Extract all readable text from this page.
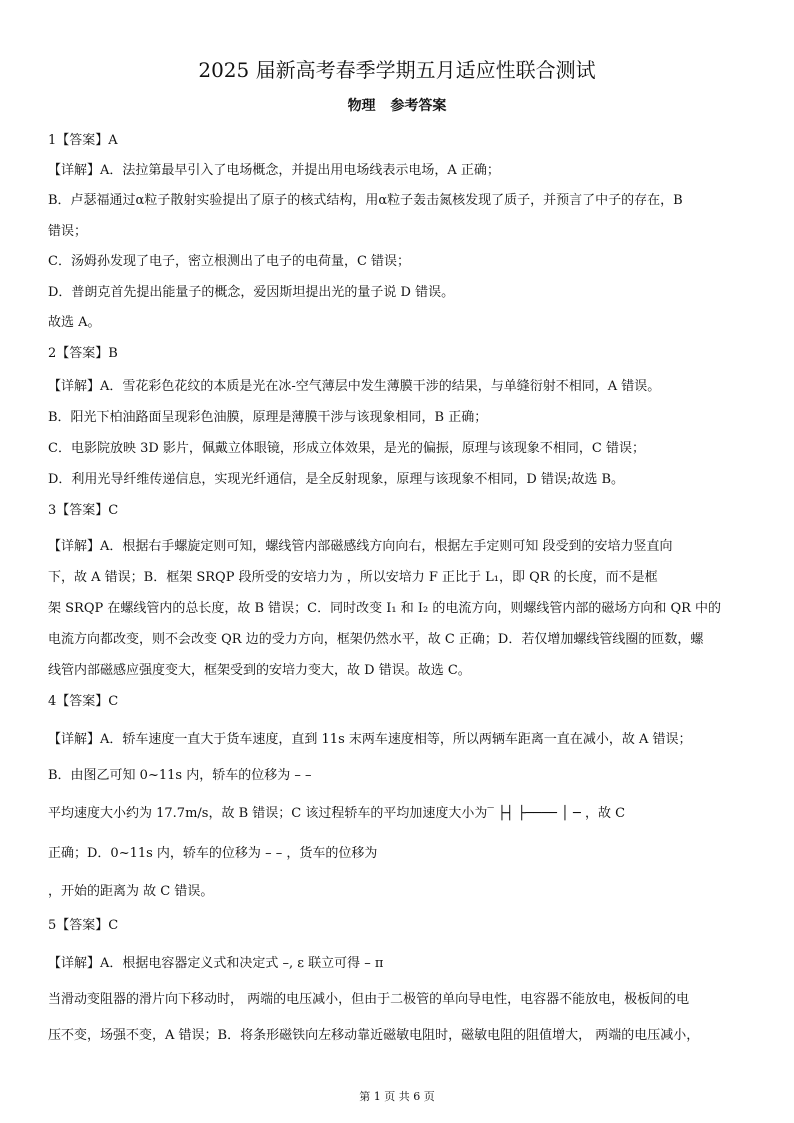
2025 届新高考春季学期五月适应性联合测试
物理 参考答案

1【答案】A

【详解】A．法拉第最早引入了电场概念，并提出用电场线表示电场，A 正确；

B．卢瑟福通过α粒子散射实验提出了原子的核式结构，用α粒子轰击氮核发现了质子，并预言了中子的存在，B

错误；

C．汤姆孙发现了电子，密立根测出了电子的电荷量，C 错误；

D．普朗克首先提出能量子的概念，爱因斯坦提出光的量子说 D 错误。

故选 A。

2【答案】B

【详解】A．雪花彩色花纹的本质是光在冰-空气薄层中发生薄膜干涉的结果，与单缝衍射不相同，A 错误。

B．阳光下柏油路面呈现彩色油膜，原理是薄膜干涉与该现象相同，B 正确；

C．电影院放映 3D 影片，佩戴立体眼镜，形成立体效果，是光的偏振，原理与该现象不相同，C 错误；

D．利用光导纤维传递信息，实现光纤通信，是全反射现象，原理与该现象不相同，D 错误;故选 B。

3【答案】C

【详解】A．根据右手螺旋定则可知，螺线管内部磁感线方向向右，根据左手定则可知 段受到的安培力竖直向

下，故 A 错误；B．框架 SRQP 段所受的安培力为 ，所以安培力 F 正比于 L₁，即 QR 的长度，而不是框

架 SRQP 在螺线管内的总长度，故 B 错误；C．同时改变 I₁ 和 I₂ 的电流方向，则螺线管内部的磁场方向和 QR 中的

电流方向都改变，则不会改变 QR 边的受力方向，框架仍然水平，故 C 正确；D．若仅增加螺线管线圈的匝数，螺

线管内部磁感应强度变大，框架受到的安培力变大，故 D 错误。故选 C。

4【答案】C

【详解】A．轿车速度一直大于货车速度，直到 11s 末两车速度相等，所以两辆车距离一直在减小，故 A 错误；

B．由图乙可知 0~11s 内，轿车的位移为 – –

平均速度大小约为 17.7m/s，故 B 错误；C 该过程轿车的平均加速度大小为‾ ├┤ ├──── │ ─ ，故 C

正确；D．0~11s 内，轿车的位移为 – – ，货车的位移为

，开始的距离为 故 C 错误。

5【答案】C

【详解】A．根据电容器定义式和决定式 –, ε 联立可得 – π

当滑动变阻器的滑片向下移动时， 两端的电压减小，但由于二极管的单向导电性，电容器不能放电，极板间的电

压不变，场强不变，A 错误；B．将条形磁铁向左移动靠近磁敏电阻时，磁敏电阻的阻值增大， 两端的电压减小，

第 1 页 共 6 页
